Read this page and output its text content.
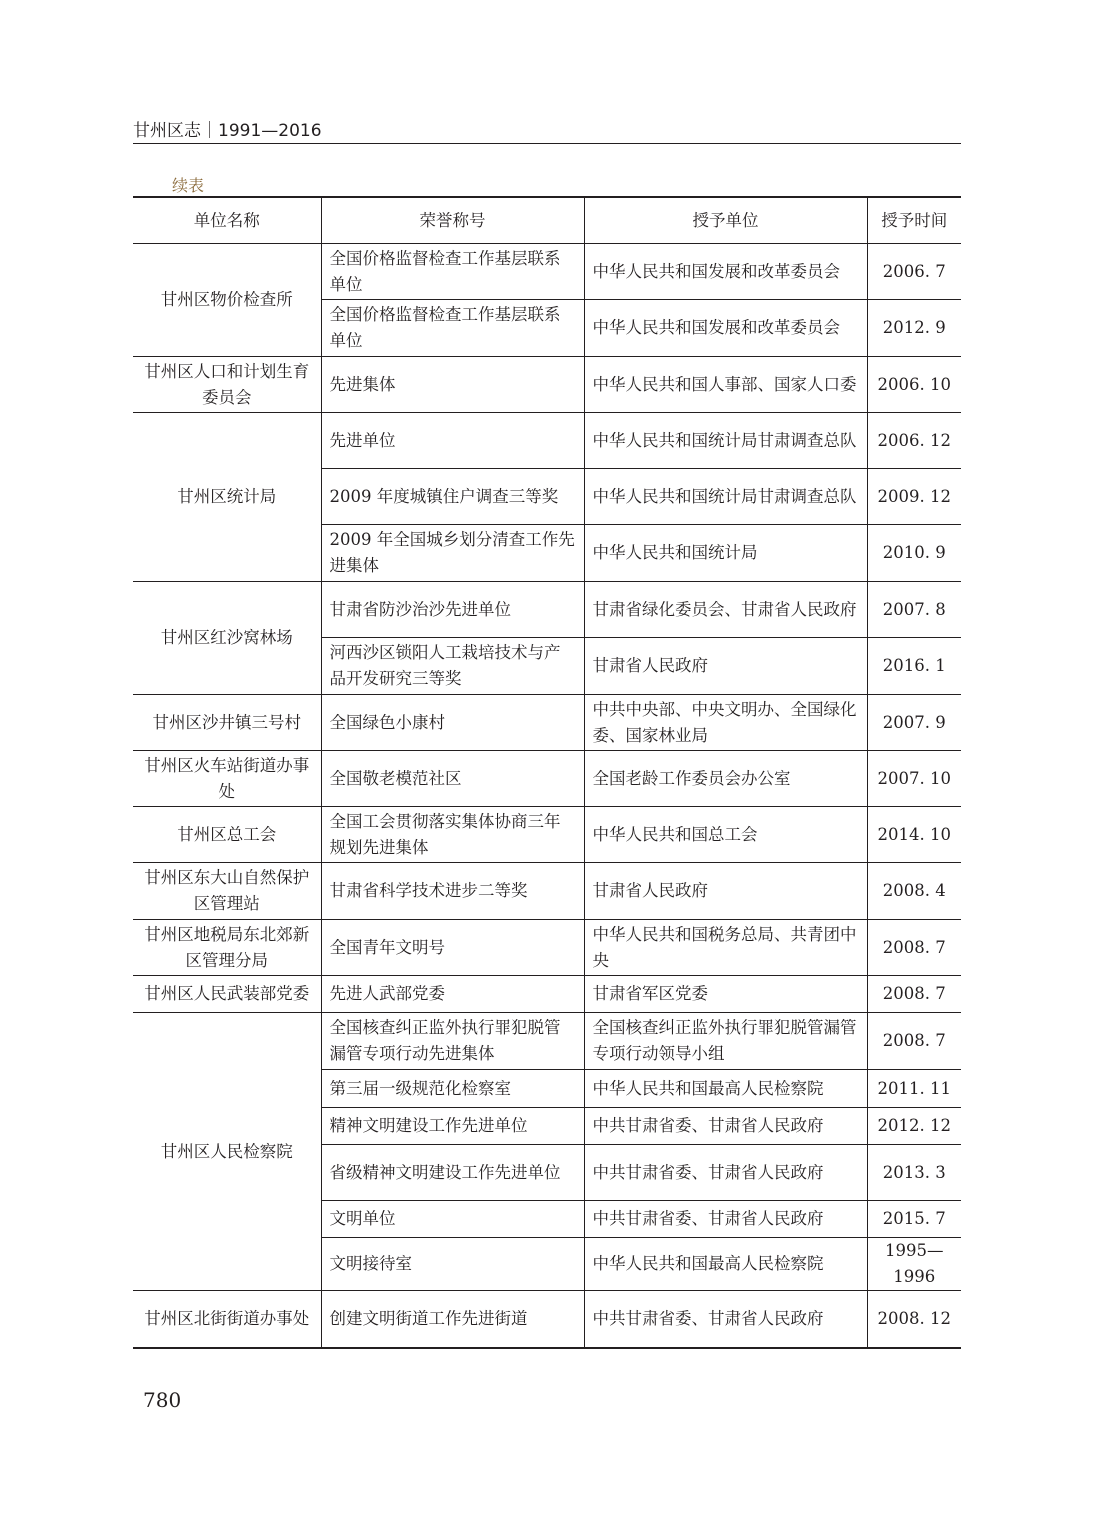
甘州区志｜1991—2016
续表
单位名称	荣誉称号	授予单位	授予时间
甘州区物价检查所	全国价格监督检查工作基层联系单位	中华人民共和国发展和改革委员会	2006. 7
	全国价格监督检查工作基层联系单位	中华人民共和国发展和改革委员会	2012. 9
甘州区人口和计划生育委员会	先进集体	中华人民共和国人事部、国家人口委	2006. 10
甘州区统计局	先进单位	中华人民共和国统计局甘肃调查总队	2006. 12
	2009 年度城镇住户调查三等奖	中华人民共和国统计局甘肃调查总队	2009. 12
	2009 年全国城乡划分清查工作先进集体	中华人民共和国统计局	2010. 9
甘州区红沙窝林场	甘肃省防沙治沙先进单位	甘肃省绿化委员会、甘肃省人民政府	2007. 8
	河西沙区锁阳人工栽培技术与产品开发研究三等奖	甘肃省人民政府	2016. 1
甘州区沙井镇三号村	全国绿色小康村	中共中央部、中央文明办、全国绿化委、国家林业局	2007. 9
甘州区火车站街道办事处	全国敬老模范社区	全国老龄工作委员会办公室	2007. 10
甘州区总工会	全国工会贯彻落实集体协商三年规划先进集体	中华人民共和国总工会	2014. 10
甘州区东大山自然保护区管理站	甘肃省科学技术进步二等奖	甘肃省人民政府	2008. 4
甘州区地税局东北郊新区管理分局	全国青年文明号	中华人民共和国税务总局、共青团中央	2008. 7
甘州区人民武装部党委	先进人武部党委	甘肃省军区党委	2008. 7
甘州区人民检察院	全国核查纠正监外执行罪犯脱管漏管专项行动先进集体	全国核查纠正监外执行罪犯脱管漏管专项行动领导小组	2008. 7
	第三届一级规范化检察室	中华人民共和国最高人民检察院	2011. 11
	精神文明建设工作先进单位	中共甘肃省委、甘肃省人民政府	2012. 12
	省级精神文明建设工作先进单位	中共甘肃省委、甘肃省人民政府	2013. 3
	文明单位	中共甘肃省委、甘肃省人民政府	2015. 7
	文明接待室	中华人民共和国最高人民检察院	1995—1996
甘州区北街街道办事处	创建文明街道工作先进街道	中共甘肃省委、甘肃省人民政府	2008. 12
780
